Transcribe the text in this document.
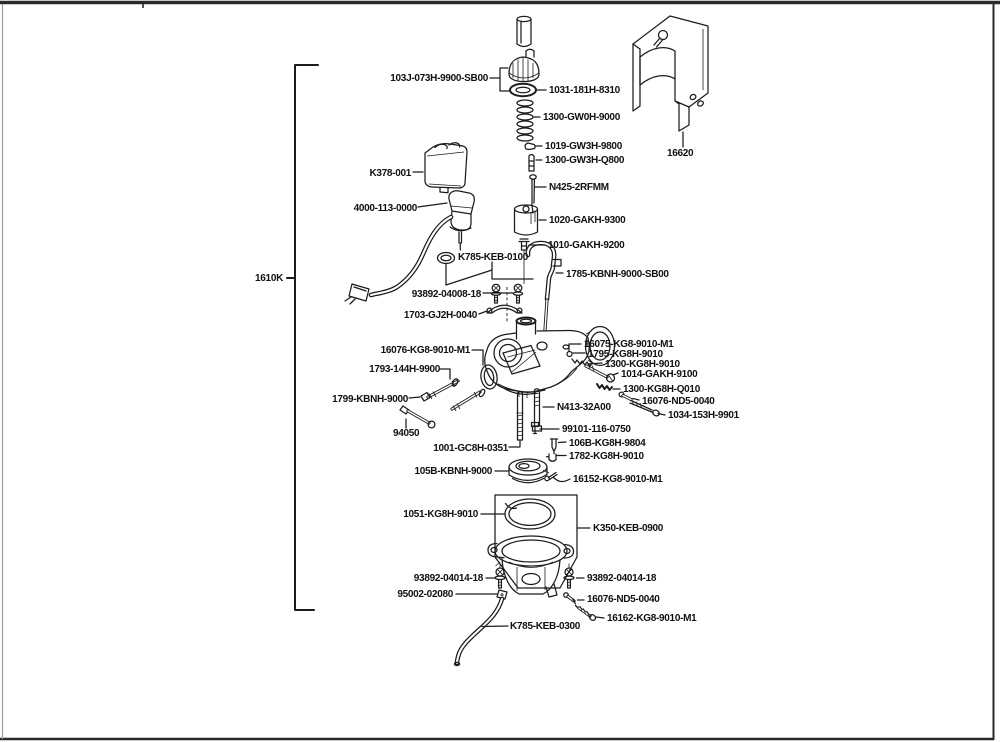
103J-073H-9900-SB00
1031-181H-8310
1300-GW0H-9000
1019-GW3H-9800
1300-GW3H-Q800
N425-2RFMM
1020-GAKH-9300
1010-GAKH-9200
K378-001
4000-113-0000
K785-KEB-0100
1785-KBNH-9000-SB00
93892-04008-18
1703-GJ2H-0040
16076-KG8-9010-M1
1793-144H-9900
1799-KBNH-9000
94050
1001-GC8H-0351
16075-KG8-9010-M1
1795-KG8H-9010
1300-KG8H-9010
1014-GAKH-9100
1300-KG8H-Q010
16076-ND5-0040
1034-153H-9901
N413-32A00
99101-116-0750
106B-KG8H-9804
1782-KG8H-9010
105B-KBNH-9000
16152-KG8-9010-M1
1051-KG8H-9010
K350-KEB-0900
93892-04014-18	93892-04014-18
95002-02080	16076-ND5-0040
16162-KG8-9010-M1
K785-KEB-0300
1610K
16620
